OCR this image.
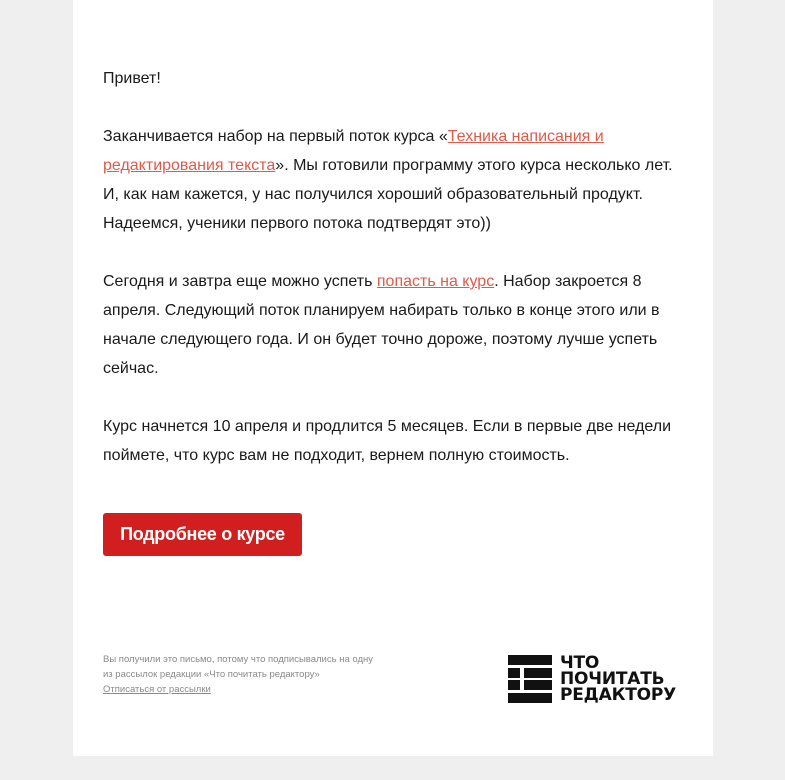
Привет!

Заканчивается набор на первый поток курса «Техника написания и редактирования текста». Мы готовили программу этого курса несколько лет. И, как нам кажется, у нас получился хороший образовательный продукт. Надеемся, ученики первого потока подтвердят это))

Сегодня и завтра еще можно успеть попасть на курс. Набор закроется 8 апреля. Следующий поток планируем набирать только в конце этого или в начале следующего года. И он будет точно дороже, поэтому лучше успеть сейчас.

Курс начнется 10 апреля и продлится 5 месяцев. Если в первые две недели поймете, что курс вам не подходит, вернем полную стоимость.

Подробнее о курсе
Вы получили это письмо, потому что подписывались на одну из рассылок редакции «Что почитать редактору»
Отписаться от рассылки
ЧТО
ПОЧИТАТЬ
РЕДАКТОРУ
